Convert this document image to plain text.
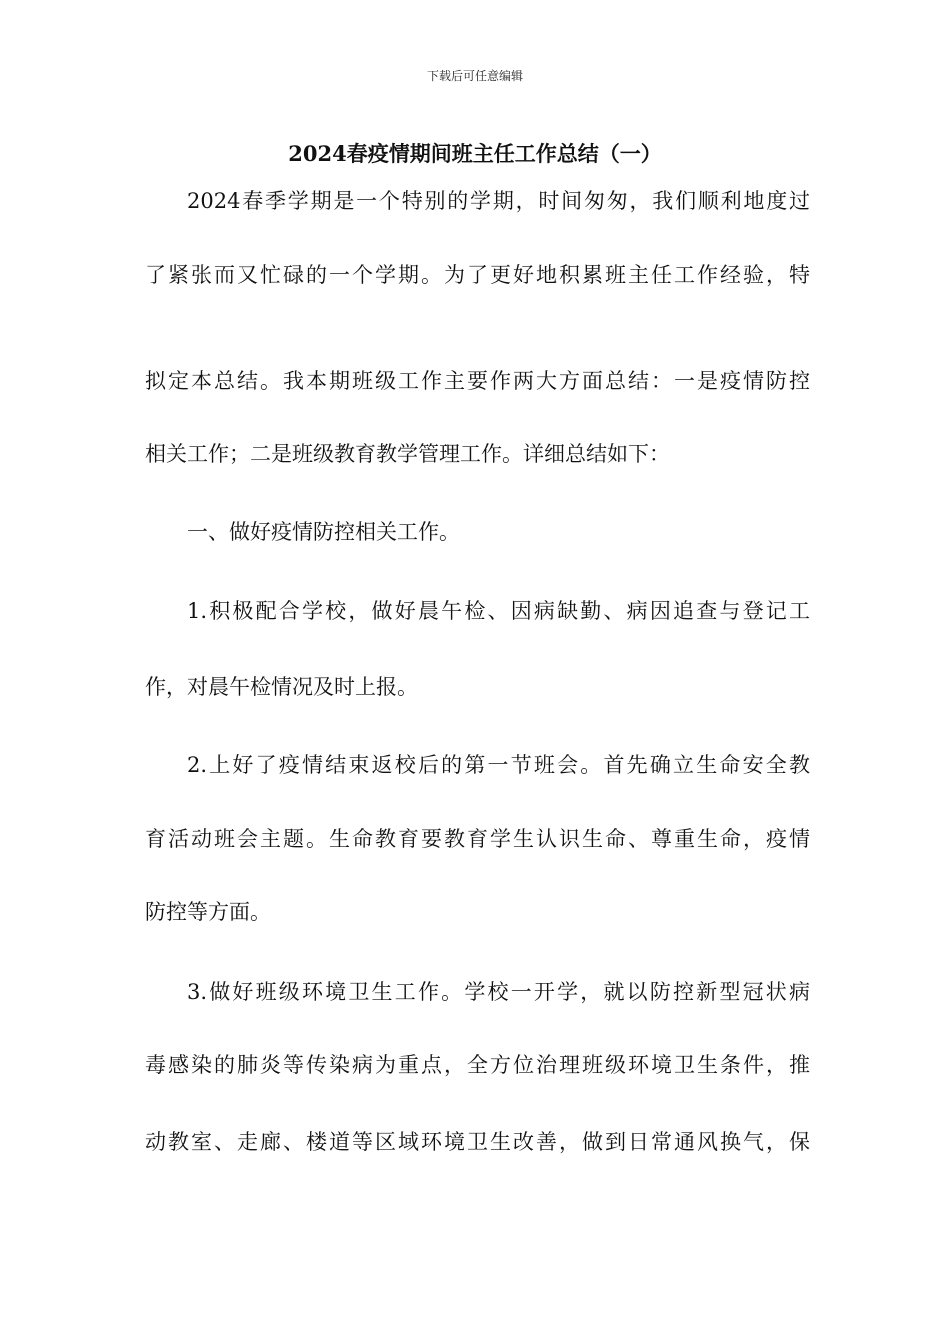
下载后可任意编辑
2024春疫情期间班主任工作总结（一）
2024春季学期是一个特别的学期，时间匆匆，我们顺利地度过
了紧张而又忙碌的一个学期。为了更好地积累班主任工作经验，特
拟定本总结。我本期班级工作主要作两大方面总结：一是疫情防控
相关工作；二是班级教育教学管理工作。详细总结如下：
一、做好疫情防控相关工作。
1.积极配合学校，做好晨午检、因病缺勤、病因追查与登记工
作，对晨午检情况及时上报。
2.上好了疫情结束返校后的第一节班会。首先确立生命安全教
育活动班会主题。生命教育要教育学生认识生命、尊重生命，疫情
防控等方面。
3.做好班级环境卫生工作。学校一开学，就以防控新型冠状病
毒感染的肺炎等传染病为重点，全方位治理班级环境卫生条件，推
动教室、走廊、楼道等区域环境卫生改善，做到日常通风换气，保
